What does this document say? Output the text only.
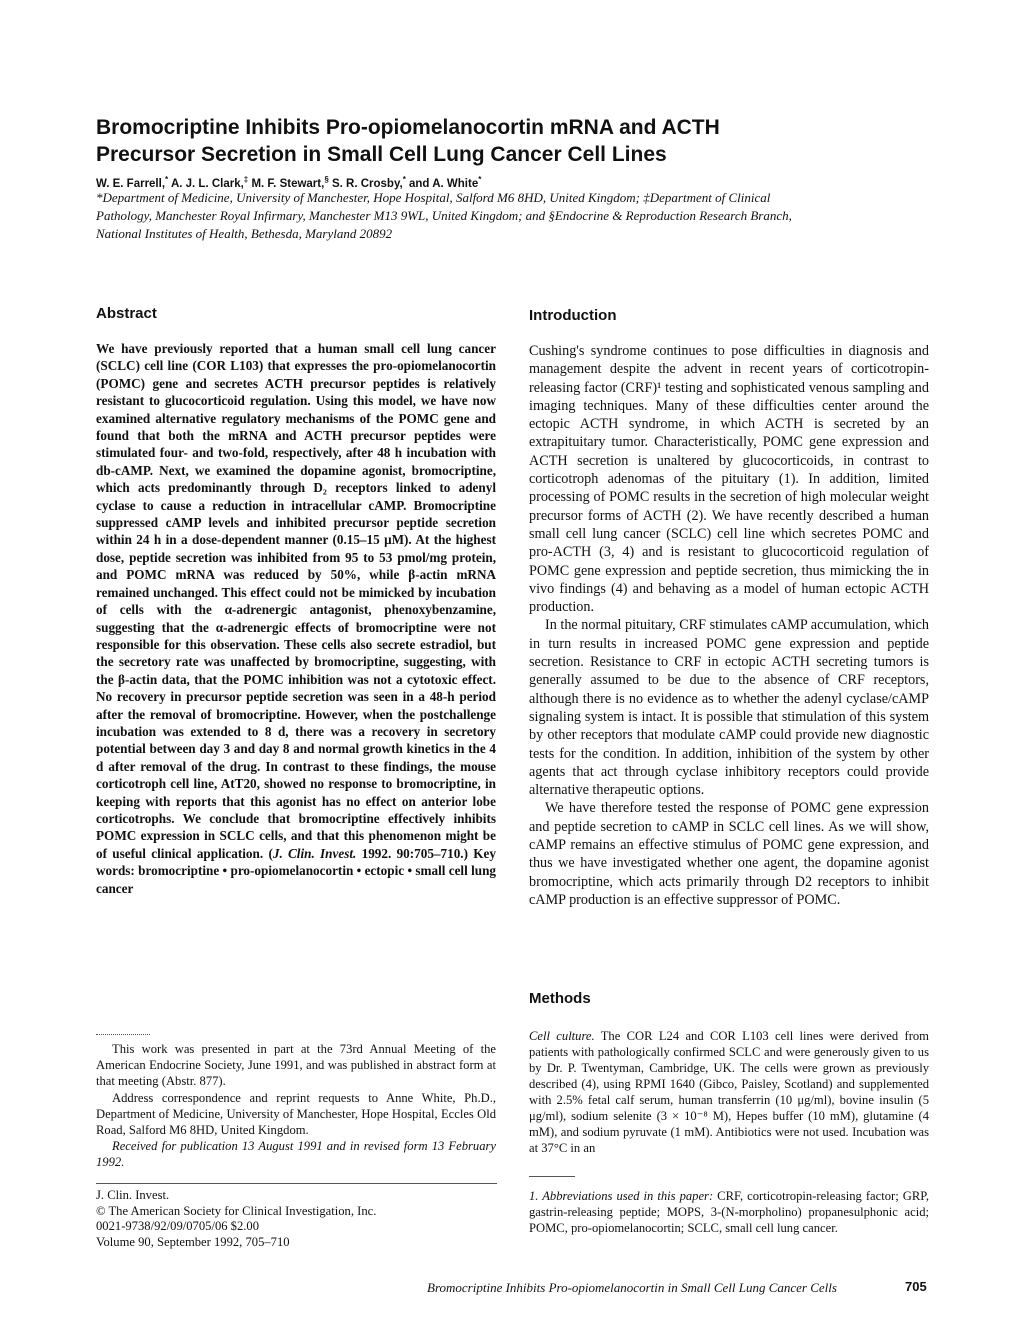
Bromocriptine Inhibits Pro-opiomelanocortin mRNA and ACTH
Precursor Secretion in Small Cell Lung Cancer Cell Lines
W. E. Farrell,* A. J. L. Clark,‡ M. F. Stewart,§ S. R. Crosby,* and A. White*
*Department of Medicine, University of Manchester, Hope Hospital, Salford M6 8HD, United Kingdom; ‡Department of Clinical
Pathology, Manchester Royal Infirmary, Manchester M13 9WL, United Kingdom; and §Endocrine & Reproduction Research Branch,
National Institutes of Health, Bethesda, Maryland 20892
Abstract
We have previously reported that a human small cell lung cancer (SCLC) cell line (COR L103) that expresses the pro-opiomelanocortin (POMC) gene and secretes ACTH precursor peptides is relatively resistant to glucocorticoid regulation. Using this model, we have now examined alternative regulatory mechanisms of the POMC gene and found that both the mRNA and ACTH precursor peptides were stimulated four- and two-fold, respectively, after 48 h incubation with db-cAMP. Next, we examined the dopamine agonist, bromocriptine, which acts predominantly through D₂ receptors linked to adenyl cyclase to cause a reduction in intracellular cAMP. Bromocriptine suppressed cAMP levels and inhibited precursor peptide secretion within 24 h in a dose-dependent manner (0.15–15 μM). At the highest dose, peptide secretion was inhibited from 95 to 53 pmol/mg protein, and POMC mRNA was reduced by 50%, while β-actin mRNA remained unchanged. This effect could not be mimicked by incubation of cells with the α-adrenergic antagonist, phenoxybenzamine, suggesting that the α-adrenergic effects of bromocriptine were not responsible for this observation. These cells also secrete estradiol, but the secretory rate was unaffected by bromocriptine, suggesting, with the β-actin data, that the POMC inhibition was not a cytotoxic effect. No recovery in precursor peptide secretion was seen in a 48-h period after the removal of bromocriptine. However, when the postchallenge incubation was extended to 8 d, there was a recovery in secretory potential between day 3 and day 8 and normal growth kinetics in the 4 d after removal of the drug. In contrast to these findings, the mouse corticotroph cell line, AtT20, showed no response to bromocriptine, in keeping with reports that this agonist has no effect on anterior lobe corticotrophs. We conclude that bromocriptine effectively inhibits POMC expression in SCLC cells, and that this phenomenon might be of useful clinical application. (J. Clin. Invest. 1992. 90:705–710.) Key words: bromocriptine • pro-opiomelanocortin • ectopic • small cell lung cancer

This work was presented in part at the 73rd Annual Meeting of the American Endocrine Society, June 1991, and was published in abstract form at that meeting (Abstr. 877).

Address correspondence and reprint requests to Anne White, Ph.D., Department of Medicine, University of Manchester, Hope Hospital, Eccles Old Road, Salford M6 8HD, United Kingdom.

Received for publication 13 August 1991 and in revised form 13 February 1992.

J. Clin. Invest.
© The American Society for Clinical Investigation, Inc.
0021-9738/92/09/0705/06 $2.00
Volume 90, September 1992, 705–710
Introduction

Cushing's syndrome continues to pose difficulties in diagnosis and management despite the advent in recent years of corticotropin-releasing factor (CRF)¹ testing and sophisticated venous sampling and imaging techniques. Many of these difficulties center around the ectopic ACTH syndrome, in which ACTH is secreted by an extrapituitary tumor. Characteristically, POMC gene expression and ACTH secretion is unaltered by glucocorticoids, in contrast to corticotroph adenomas of the pituitary (1). In addition, limited processing of POMC results in the secretion of high molecular weight precursor forms of ACTH (2). We have recently described a human small cell lung cancer (SCLC) cell line which secretes POMC and pro-ACTH (3, 4) and is resistant to glucocorticoid regulation of POMC gene expression and peptide secretion, thus mimicking the in vivo findings (4) and behaving as a model of human ectopic ACTH production.

In the normal pituitary, CRF stimulates cAMP accumulation, which in turn results in increased POMC gene expression and peptide secretion. Resistance to CRF in ectopic ACTH secreting tumors is generally assumed to be due to the absence of CRF receptors, although there is no evidence as to whether the adenyl cyclase/cAMP signaling system is intact. It is possible that stimulation of this system by other receptors that modulate cAMP could provide new diagnostic tests for the condition. In addition, inhibition of the system by other agents that act through cyclase inhibitory receptors could provide alternative therapeutic options.

We have therefore tested the response of POMC gene expression and peptide secretion to cAMP in SCLC cell lines. As we will show, cAMP remains an effective stimulus of POMC gene expression, and thus we have investigated whether one agent, the dopamine agonist bromocriptine, which acts primarily through D2 receptors to inhibit cAMP production is an effective suppressor of POMC.

Methods
Cell culture. The COR L24 and COR L103 cell lines were derived from patients with pathologically confirmed SCLC and were generously given to us by Dr. P. Twentyman, Cambridge, UK. The cells were grown as previously described (4), using RPMI 1640 (Gibco, Paisley, Scotland) and supplemented with 2.5% fetal calf serum, human transferrin (10 μg/ml), bovine insulin (5 μg/ml), sodium selenite (3 × 10⁻⁸ M), Hepes buffer (10 mM), glutamine (4 mM), and sodium pyruvate (1 mM). Antibiotics were not used. Incubation was at 37°C in an
1. Abbreviations used in this paper: CRF, corticotropin-releasing factor; GRP, gastrin-releasing peptide; MOPS, 3-(N-morpholino) propanesulphonic acid; POMC, pro-opiomelanocortin; SCLC, small cell lung cancer.
Bromocriptine Inhibits Pro-opiomelanocortin in Small Cell Lung Cancer Cells	705
